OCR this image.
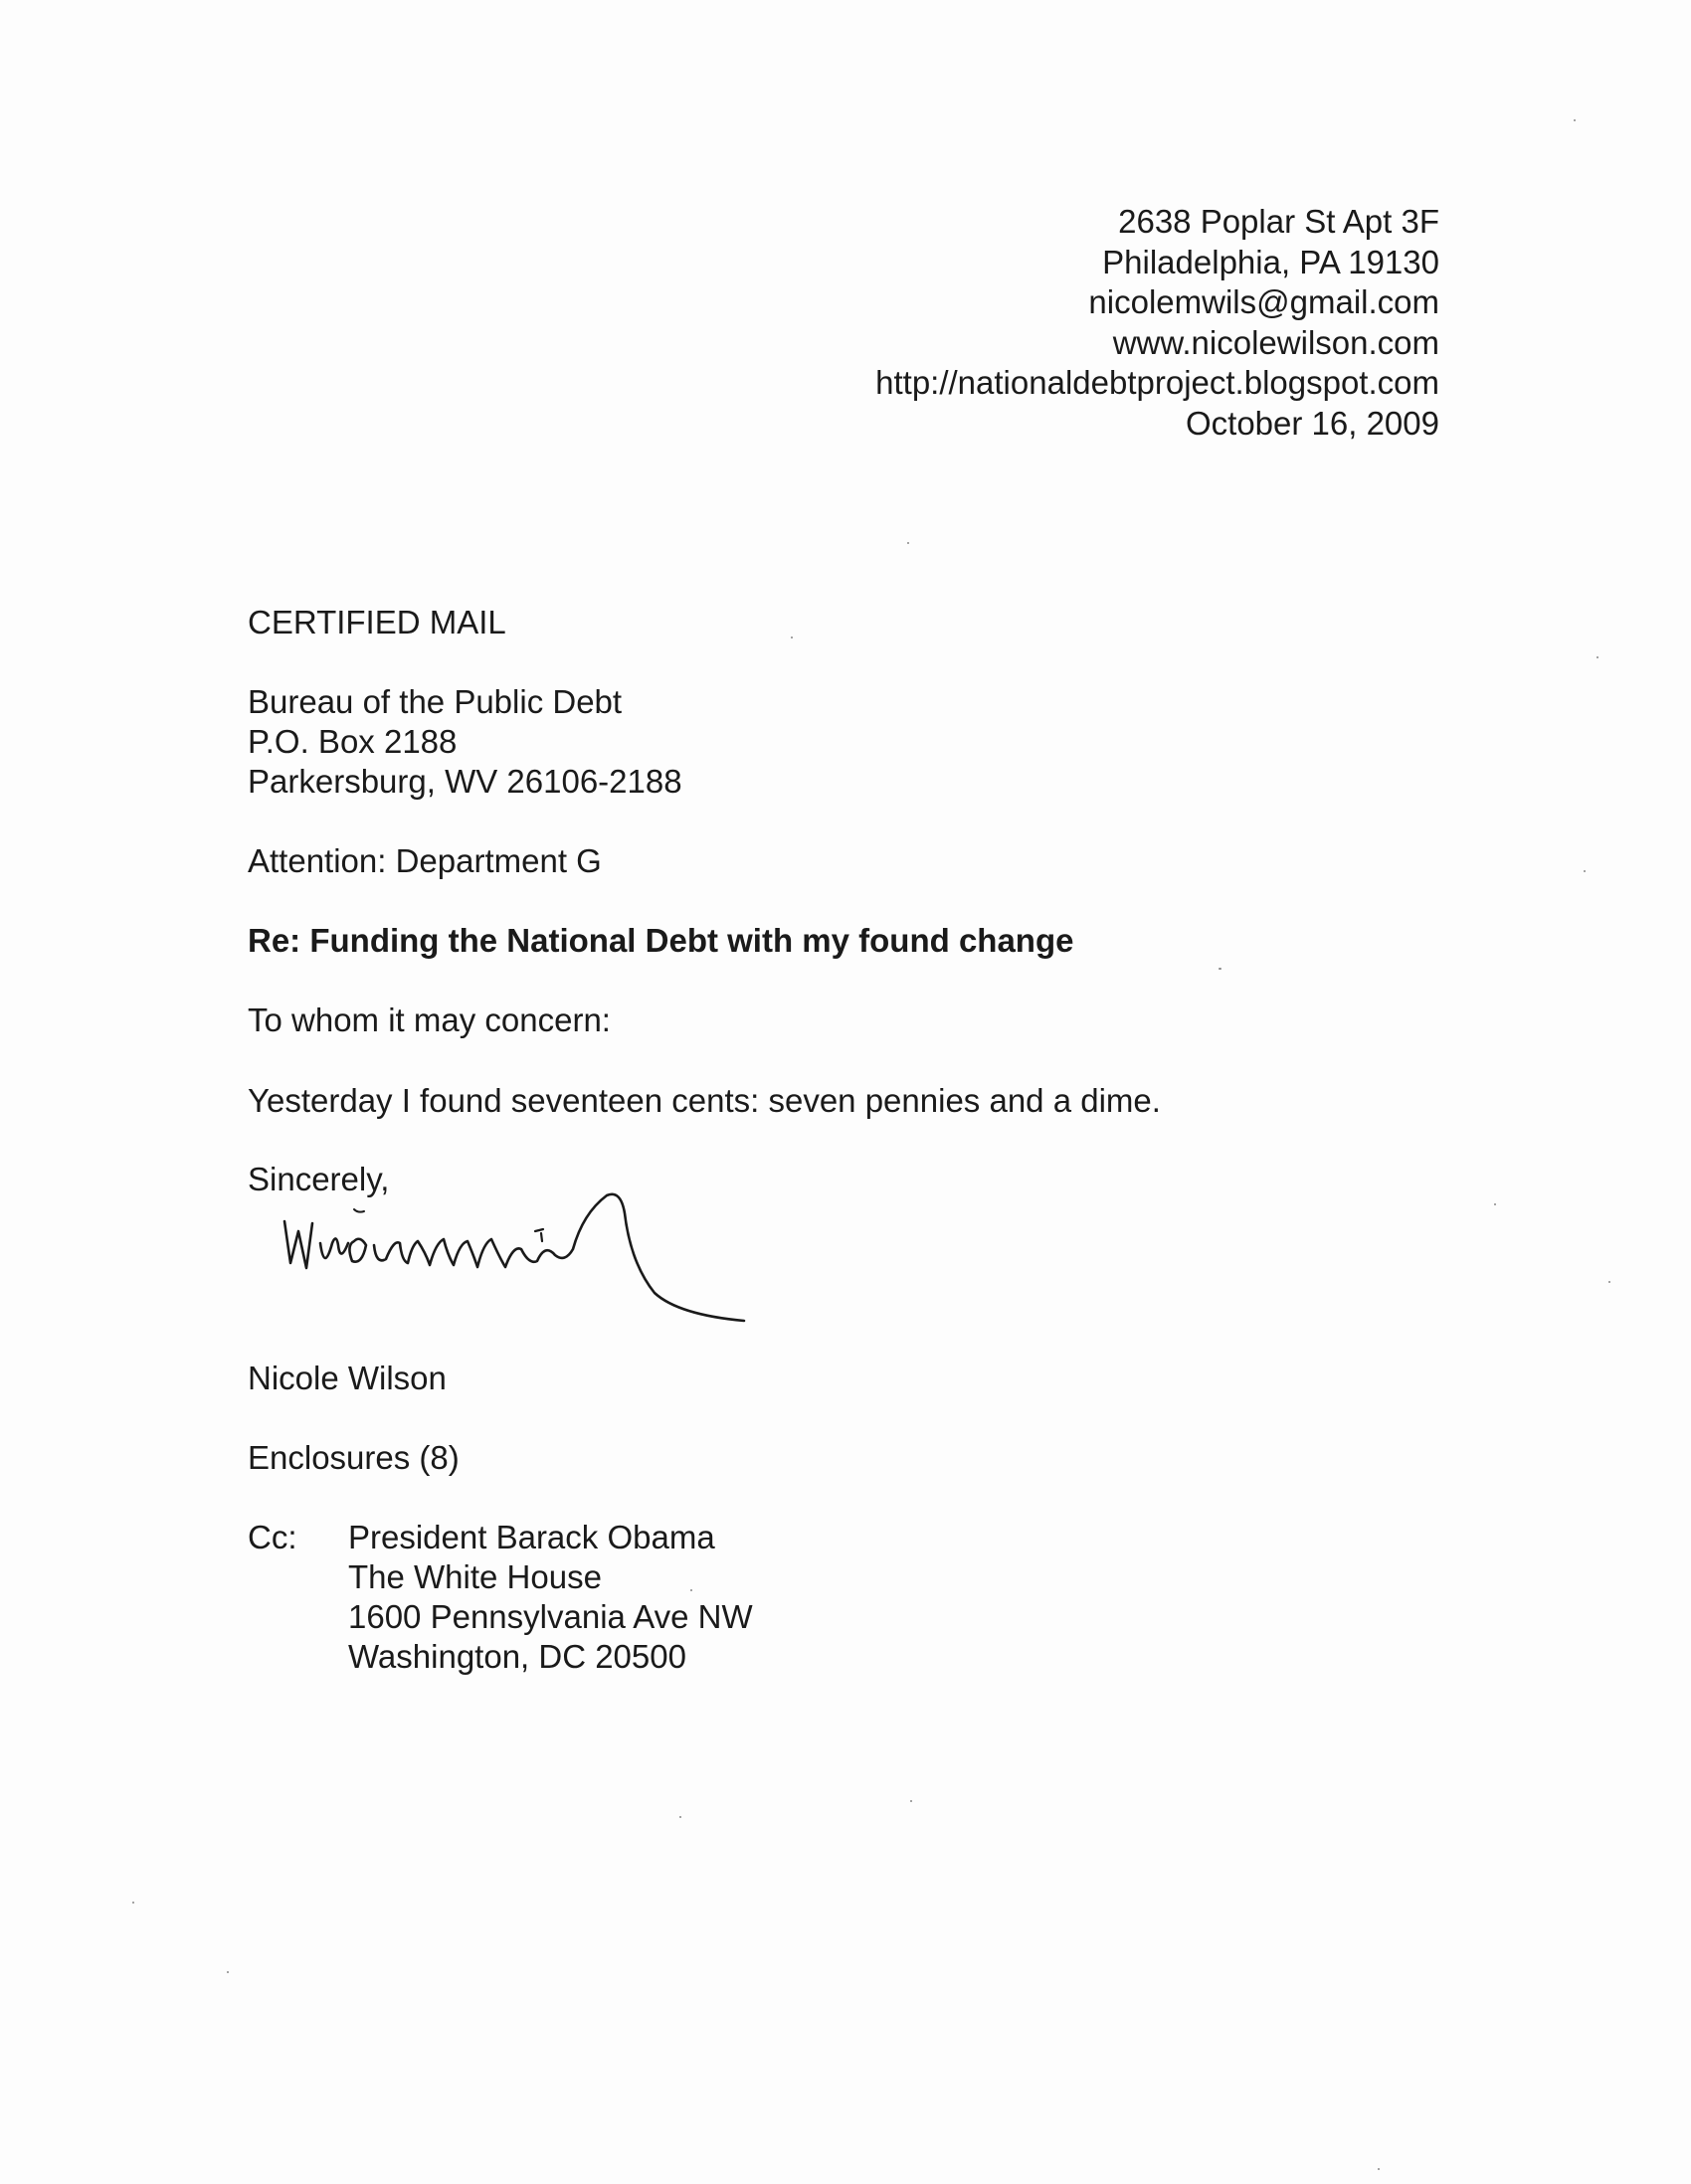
2638 Poplar St Apt 3F
Philadelphia, PA 19130
nicolemwils@gmail.com
www.nicolewilson.com
http://nationaldebtproject.blogspot.com
October 16, 2009
CERTIFIED MAIL
Bureau of the Public Debt
P.O. Box 2188
Parkersburg, WV 26106-2188
Attention: Department G
Re: Funding the National Debt with my found change
To whom it may concern:
Yesterday I found seventeen cents: seven pennies and a dime.
Sincerely,
Nicole Wilson
Enclosures (8)
Cc: President Barack Obama
The White House
1600 Pennsylvania Ave NW
Washington, DC 20500
